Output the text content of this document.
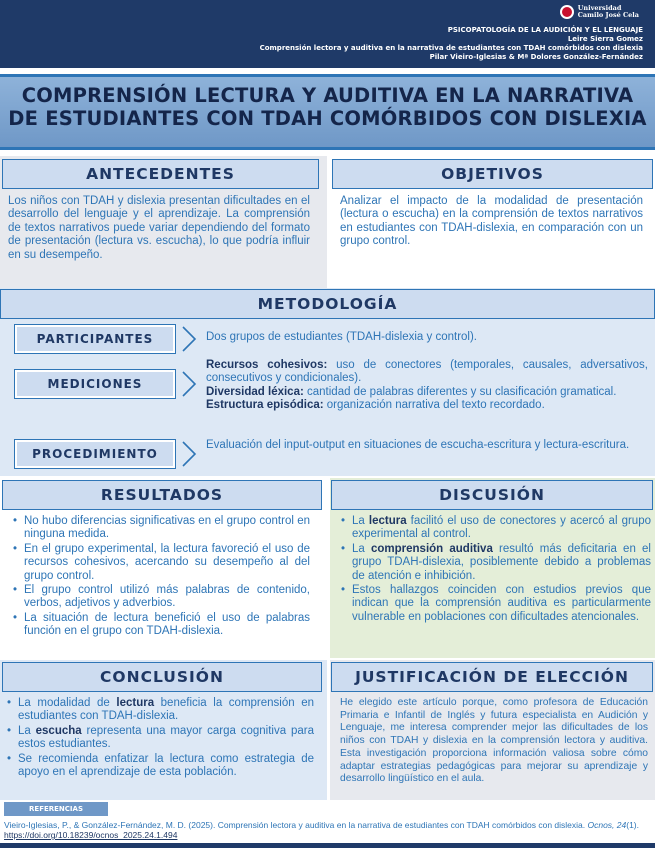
Universidad
Camilo José Cela
PSICOPATOLOGÍA DE LA AUDICIÓN Y EL LENGUAJE
Leire Sierra Gomez
Comprensión lectora y auditiva en la narrativa de estudiantes con TDAH comórbidos con dislexia
Pilar Vieiro-Iglesias & Mª Dolores González-Fernández
COMPRENSIÓN LECTURA Y AUDITIVA EN LA NARRATIVA
DE ESTUDIANTES CON TDAH COMÓRBIDOS CON DISLEXIA
ANTECEDENTES
Los niños con TDAH y dislexia presentan dificultades en el desarrollo del lenguaje y el aprendizaje. La comprensión de textos narrativos puede variar dependiendo del formato de presentación (lectura vs. escucha), lo que podría influir en su desempeño.
OBJETIVOS
Analizar el impacto de la modalidad de presentación (lectura o escucha) en la comprensión de textos narrativos en estudiantes con TDAH-dislexia, en comparación con un grupo control.
METODOLOGÍA
PARTICIPANTES	Dos grupos de estudiantes (TDAH-dislexia y control).
MEDICIONES
Recursos cohesivos: uso de conectores (temporales, causales, adversativos, consecutivos y condicionales).
Diversidad léxica: cantidad de palabras diferentes y su clasificación gramatical.
Estructura episódica: organización narrativa del texto recordado.
PROCEDIMIENTO
Evaluación del input-output en situaciones de escucha-escritura y lectura-escritura.
RESULTADOS
• No hubo diferencias significativas en el grupo control en ninguna medida.
• En el grupo experimental, la lectura favoreció el uso de recursos cohesivos, acercando su desempeño al del grupo control.
• El grupo control utilizó más palabras de contenido, verbos, adjetivos y adverbios.
• La situación de lectura benefició el uso de palabras función en el grupo con TDAH-dislexia.
DISCUSIÓN
• La lectura facilitó el uso de conectores y acercó al grupo experimental al control.
• La comprensión auditiva resultó más deficitaria en el grupo TDAH-dislexia, posiblemente debido a problemas de atención e inhibición.
• Estos hallazgos coinciden con estudios previos que indican que la comprensión auditiva es particularmente vulnerable en poblaciones con dificultades atencionales.
CONCLUSIÓN
• La modalidad de lectura beneficia la comprensión en estudiantes con TDAH-dislexia.
• La escucha representa una mayor carga cognitiva para estos estudiantes.
• Se recomienda enfatizar la lectura como estrategia de apoyo en el aprendizaje de esta población.
JUSTIFICACIÓN DE ELECCIÓN
He elegido este artículo porque, como profesora de Educación Primaria e Infantil de Inglés y futura especialista en Audición y Lenguaje, me interesa comprender mejor las dificultades de los niños con TDAH y dislexia en la comprensión lectora y auditiva. Esta investigación proporciona información valiosa sobre cómo adaptar estrategias pedagógicas para mejorar su aprendizaje y desarrollo lingüístico en el aula.
REFERENCIAS
Vieiro-Iglesias, P., & González-Fernández, M. D. (2025). Comprensión lectora y auditiva en la narrativa de estudiantes con TDAH comórbidos con dislexia. Ocnos, 24(1). https://doi.org/10.18239/ocnos_2025.24.1.494
